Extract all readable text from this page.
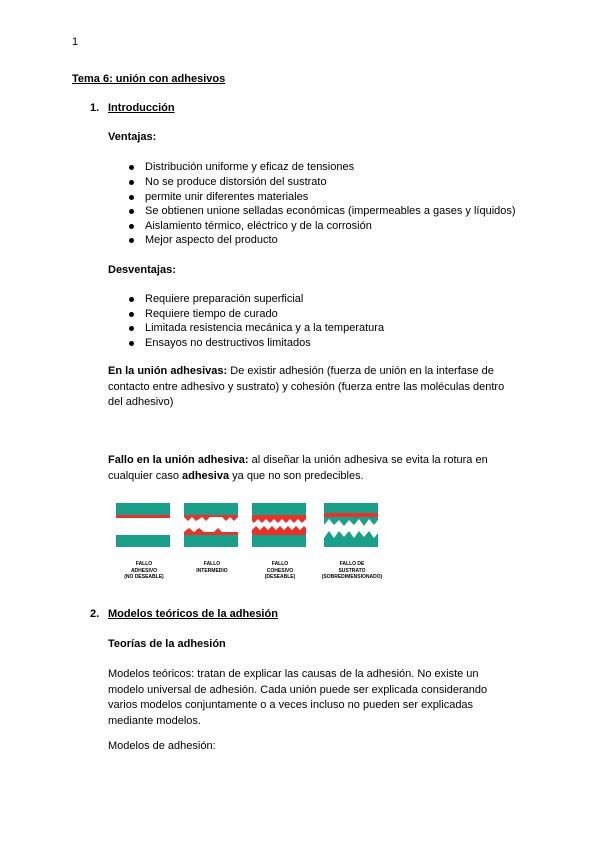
1
Tema 6: unión con adhesivos
1. Introducción
Ventajas:
Distribución uniforme y eficaz de tensiones
No se produce distorsión del sustrato
permite unir diferentes materiales
Se obtienen unione selladas económicas (impermeables a gases y líquidos)
Aislamiento térmico, eléctrico y de la corrosión
Mejor aspecto del producto
Desventajas:
Requiere preparación superficial
Requiere tiempo de curado
Limitada resistencia mecánica y a la temperatura
Ensayos no destructivos limitados
En la unión adhesivas: De existir adhesión (fuerza de unión en la interfase de contacto entre adhesivo y sustrato) y cohesión (fuerza entre las moléculas dentro del adhesivo)
Fallo en la unión adhesiva: al diseñar la unión adhesiva se evita la rotura en cualquier caso adhesiva ya que no son predecibles.
FALLO
ADHESIVO
(NO DESEABLE)
FALLO
INTERMEDIO
FALLO
COHESIVO
(DESEABLE)
FALLO DE
SUSTRATO
(SOBREDIMENSIONADO)
2. Modelos teóricos de la adhesión
Teorías de la adhesión
Modelos teóricos: tratan de explicar las causas de la adhesión. No existe un modelo universal de adhesión. Cada unión puede ser explicada considerando varios modelos conjuntamente o a veces incluso no pueden ser explicadas mediante modelos.
Modelos de adhesión:
